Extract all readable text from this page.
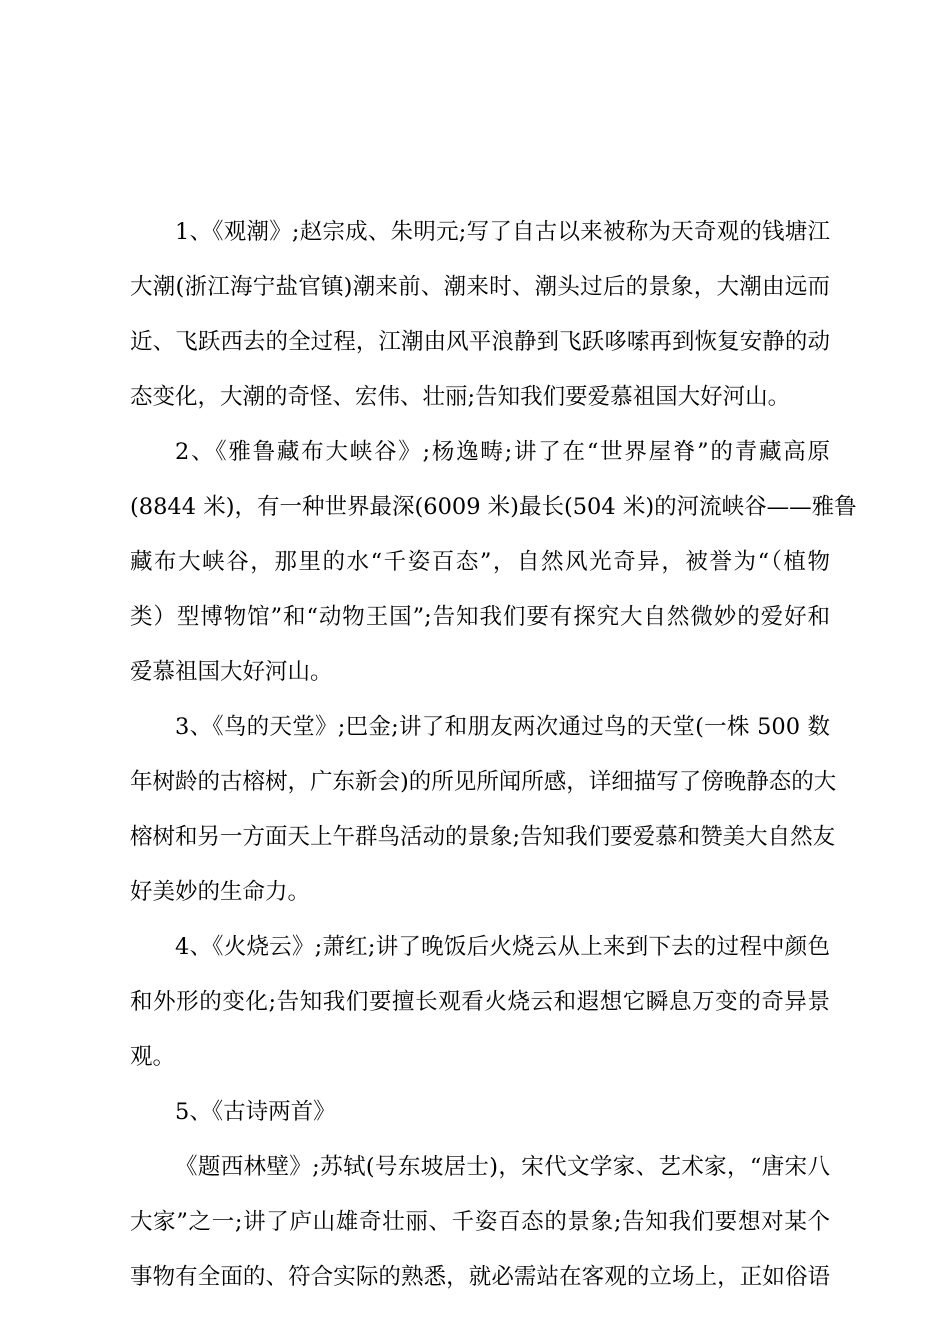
1、《观潮》;赵宗成、朱明元;写了自古以来被称为天奇观的钱塘江
大潮(浙江海宁盐官镇)潮来前、潮来时、潮头过后的景象，大潮由远而
近、飞跃西去的全过程，江潮由风平浪静到飞跃哆嗦再到恢复安静的动
态变化，大潮的奇怪、宏伟、壮丽;告知我们要爱慕祖国大好河山。
2、《雅鲁藏布大峡谷》;杨逸畴;讲了在“世界屋脊”的青藏高原
(8844 米)，有一种世界最深(6009 米)最长(504 米)的河流峡谷——雅鲁
藏布大峡谷，那里的水“千姿百态”，自然风光奇异，被誉为“（植物
类）型博物馆”和“动物王国”;告知我们要有探究大自然微妙的爱好和
爱慕祖国大好河山。
3、《鸟的天堂》;巴金;讲了和朋友两次通过鸟的天堂(一株 500 数
年树龄的古榕树，广东新会)的所见所闻所感，详细描写了傍晚静态的大
榕树和另一方面天上午群鸟活动的景象;告知我们要爱慕和赞美大自然友
好美妙的生命力。
4、《火烧云》;萧红;讲了晚饭后火烧云从上来到下去的过程中颜色
和外形的变化;告知我们要擅长观看火烧云和遐想它瞬息万变的奇异景
观。
5、《古诗两首》
《题西林壁》;苏轼(号东坡居士)，宋代文学家、艺术家，“唐宋八
大家”之一;讲了庐山雄奇壮丽、千姿百态的景象;告知我们要想对某个
事物有全面的、符合实际的熟悉，就必需站在客观的立场上，正如俗语
